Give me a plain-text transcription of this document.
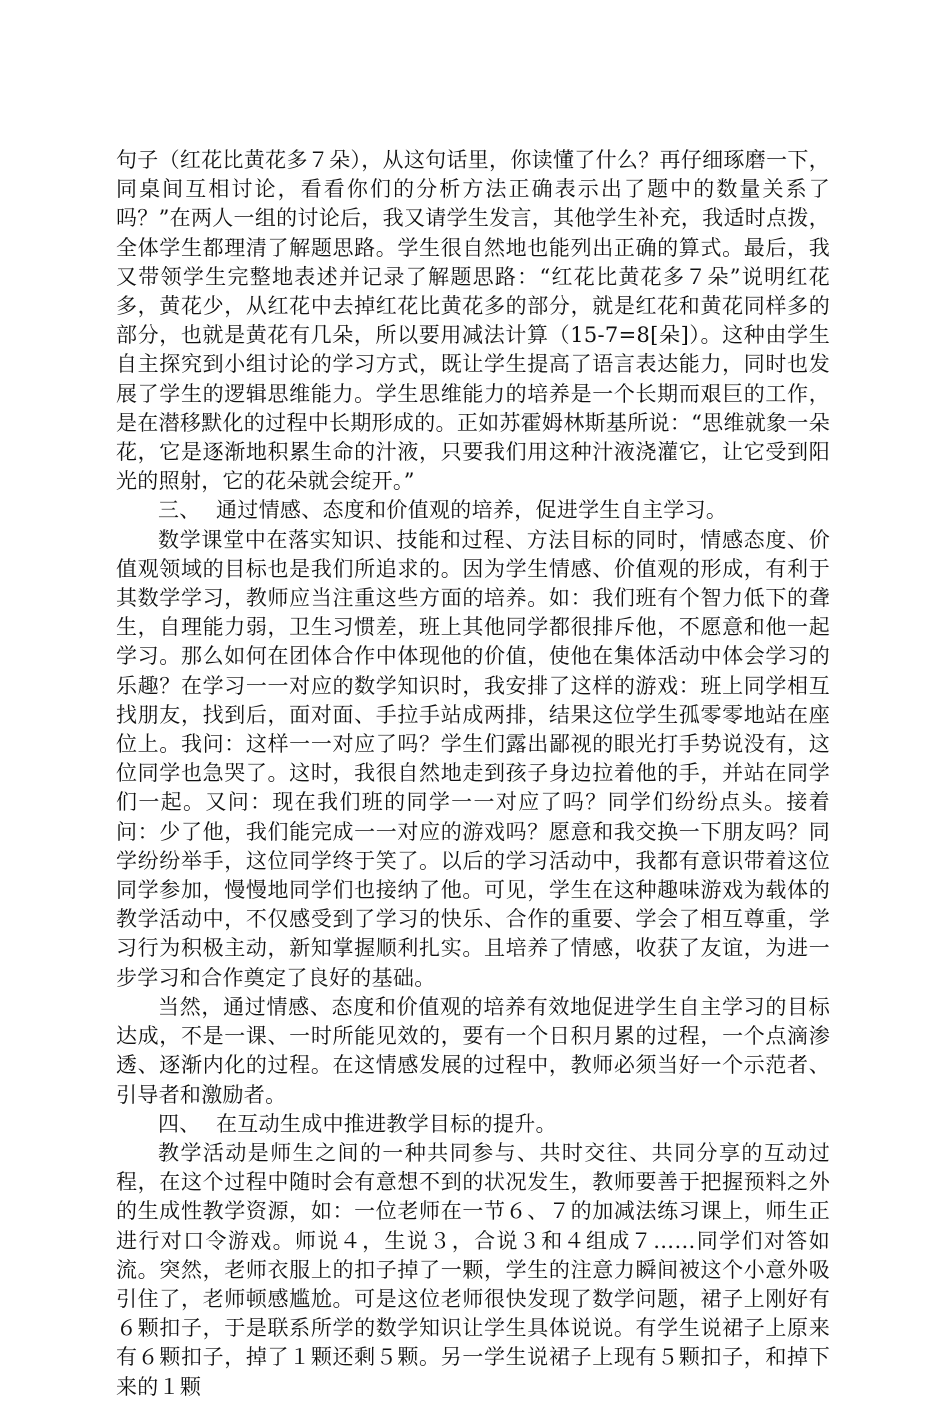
句子（红花比黄花多７朵），从这句话里，你读懂了什么？再仔细琢磨一下，同桌间互相讨论，看看你们的分析方法正确表示出了题中的数量关系了吗？”在两人一组的讨论后，我又请学生发言，其他学生补充，我适时点拨，全体学生都理清了解题思路。学生很自然地也能列出正确的算式。最后，我又带领学生完整地表述并记录了解题思路：“红花比黄花多７朵”说明红花多，黄花少，从红花中去掉红花比黄花多的部分，就是红花和黄花同样多的部分，也就是黄花有几朵，所以要用减法计算（15-7=8[朵]）。这种由学生自主探究到小组讨论的学习方式，既让学生提高了语言表达能力，同时也发展了学生的逻辑思维能力。学生思维能力的培养是一个长期而艰巨的工作，是在潜移默化的过程中长期形成的。正如苏霍姆林斯基所说：“思维就象一朵花，它是逐渐地积累生命的汁液，只要我们用这种汁液浇灌它，让它受到阳光的照射，它的花朵就会绽开。”

三、 通过情感、态度和价值观的培养，促进学生自主学习。

数学课堂中在落实知识、技能和过程、方法目标的同时，情感态度、价值观领域的目标也是我们所追求的。因为学生情感、价值观的形成，有利于其数学学习，教师应当注重这些方面的培养。如：我们班有个智力低下的聋生，自理能力弱，卫生习惯差，班上其他同学都很排斥他，不愿意和他一起学习。那么如何在团体合作中体现他的价值，使他在集体活动中体会学习的乐趣？在学习一一对应的数学知识时，我安排了这样的游戏：班上同学相互找朋友，找到后，面对面、手拉手站成两排，结果这位学生孤零零地站在座位上。我问：这样一一对应了吗？学生们露出鄙视的眼光打手势说没有，这位同学也急哭了。这时，我很自然地走到孩子身边拉着他的手，并站在同学们一起。又问：现在我们班的同学一一对应了吗？同学们纷纷点头。接着问：少了他，我们能完成一一对应的游戏吗？愿意和我交换一下朋友吗？同学纷纷举手，这位同学终于笑了。以后的学习活动中，我都有意识带着这位同学参加，慢慢地同学们也接纳了他。可见，学生在这种趣味游戏为载体的教学活动中，不仅感受到了学习的快乐、合作的重要、学会了相互尊重，学习行为积极主动，新知掌握顺利扎实。且培养了情感，收获了友谊，为进一步学习和合作奠定了良好的基础。

当然，通过情感、态度和价值观的培养有效地促进学生自主学习的目标达成，不是一课、一时所能见效的，要有一个日积月累的过程，一个点滴渗透、逐渐内化的过程。在这情感发展的过程中，教师必须当好一个示范者、引导者和激励者。

四、 在互动生成中推进教学目标的提升。

教学活动是师生之间的一种共同参与、共时交往、共同分享的互动过程，在这个过程中随时会有意想不到的状况发生，教师要善于把握预料之外的生成性教学资源，如：一位老师在一节６、７的加减法练习课上，师生正进行对口令游戏。师说４，生说３，合说３和４组成７……同学们对答如流。突然，老师衣服上的扣子掉了一颗，学生的注意力瞬间被这个小意外吸引住了，老师顿感尴尬。可是这位老师很快发现了数学问题，裙子上刚好有６颗扣子，于是联系所学的数学知识让学生具体说说。有学生说裙子上原来有６颗扣子，掉了１颗还剩５颗。另一学生说裙子上现有５颗扣子，和掉下来的１颗
